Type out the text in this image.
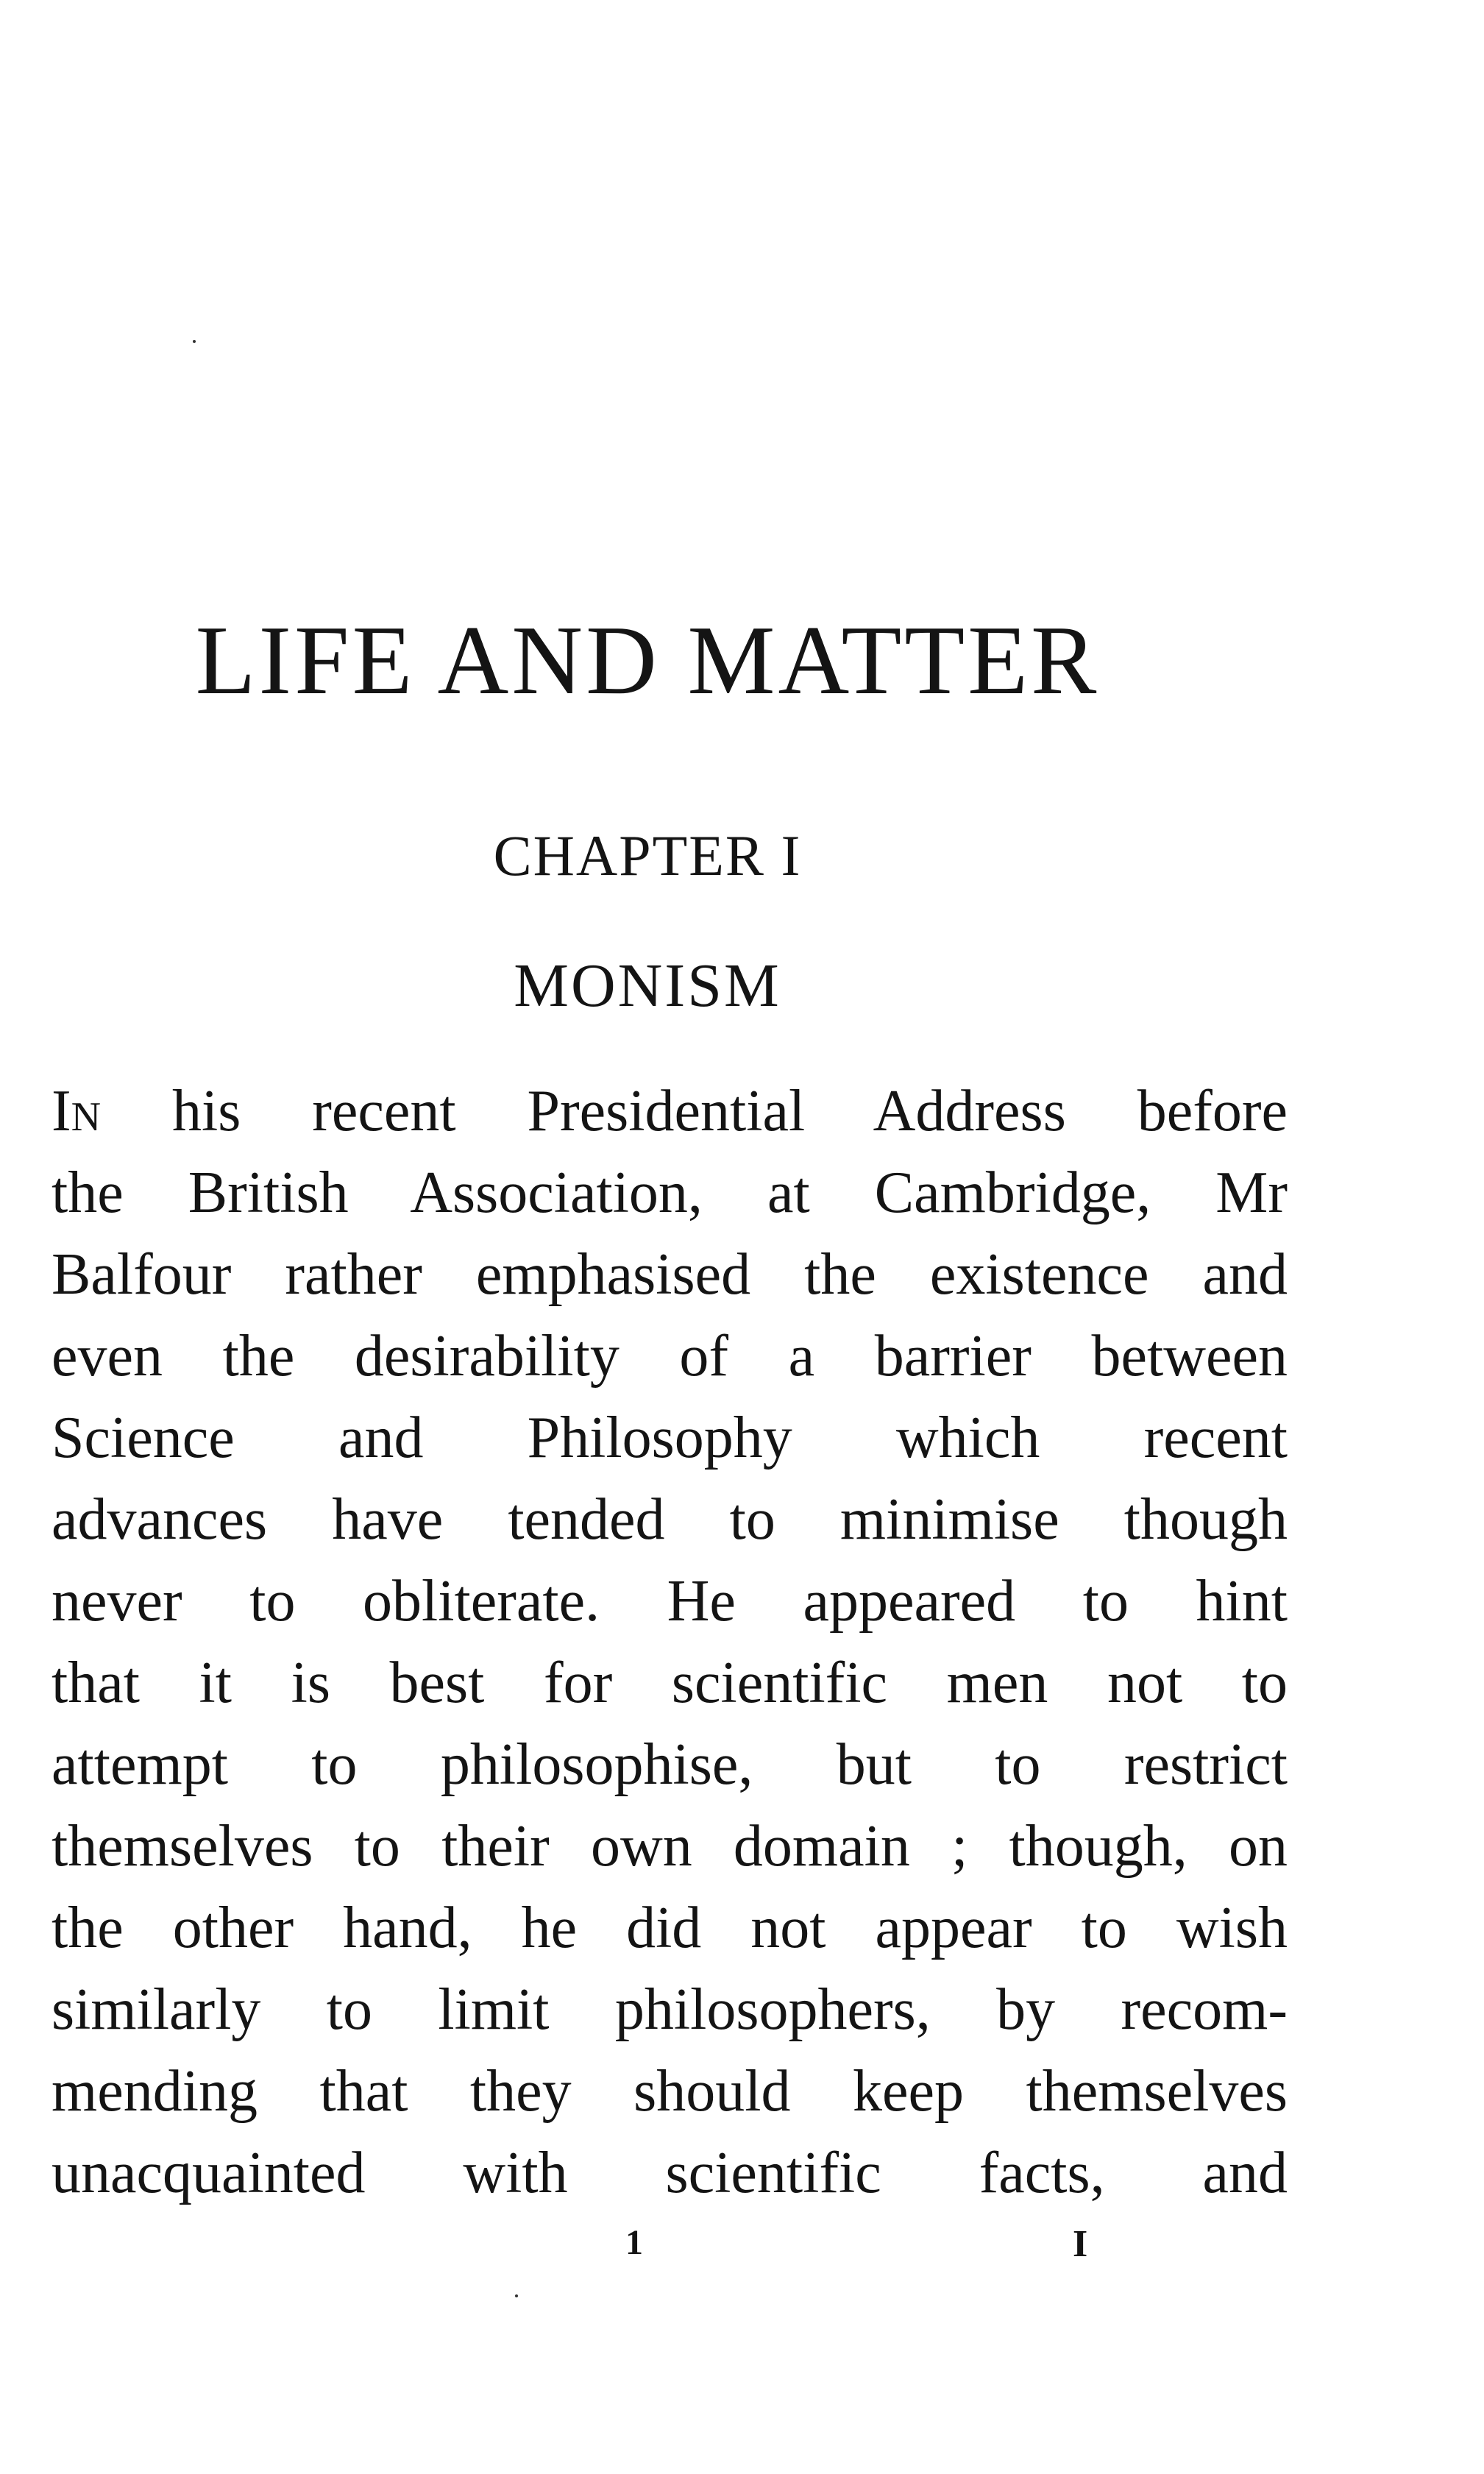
LIFE AND MATTER
CHAPTER I
MONISM
IN his recent Presidential Address before
the British Association, at Cambridge, Mr
Balfour rather emphasised the existence and
even the desirability of a barrier between
Science and Philosophy which recent
advances have tended to minimise though
never to obliterate. He appeared to hint
that it is best for scientific men not to
attempt to philosophise, but to restrict
themselves to their own domain ; though, on
the other hand, he did not appear to wish
similarly to limit philosophers, by recom-
mending that they should keep themselves
unacquainted with scientific facts, and
1	I
